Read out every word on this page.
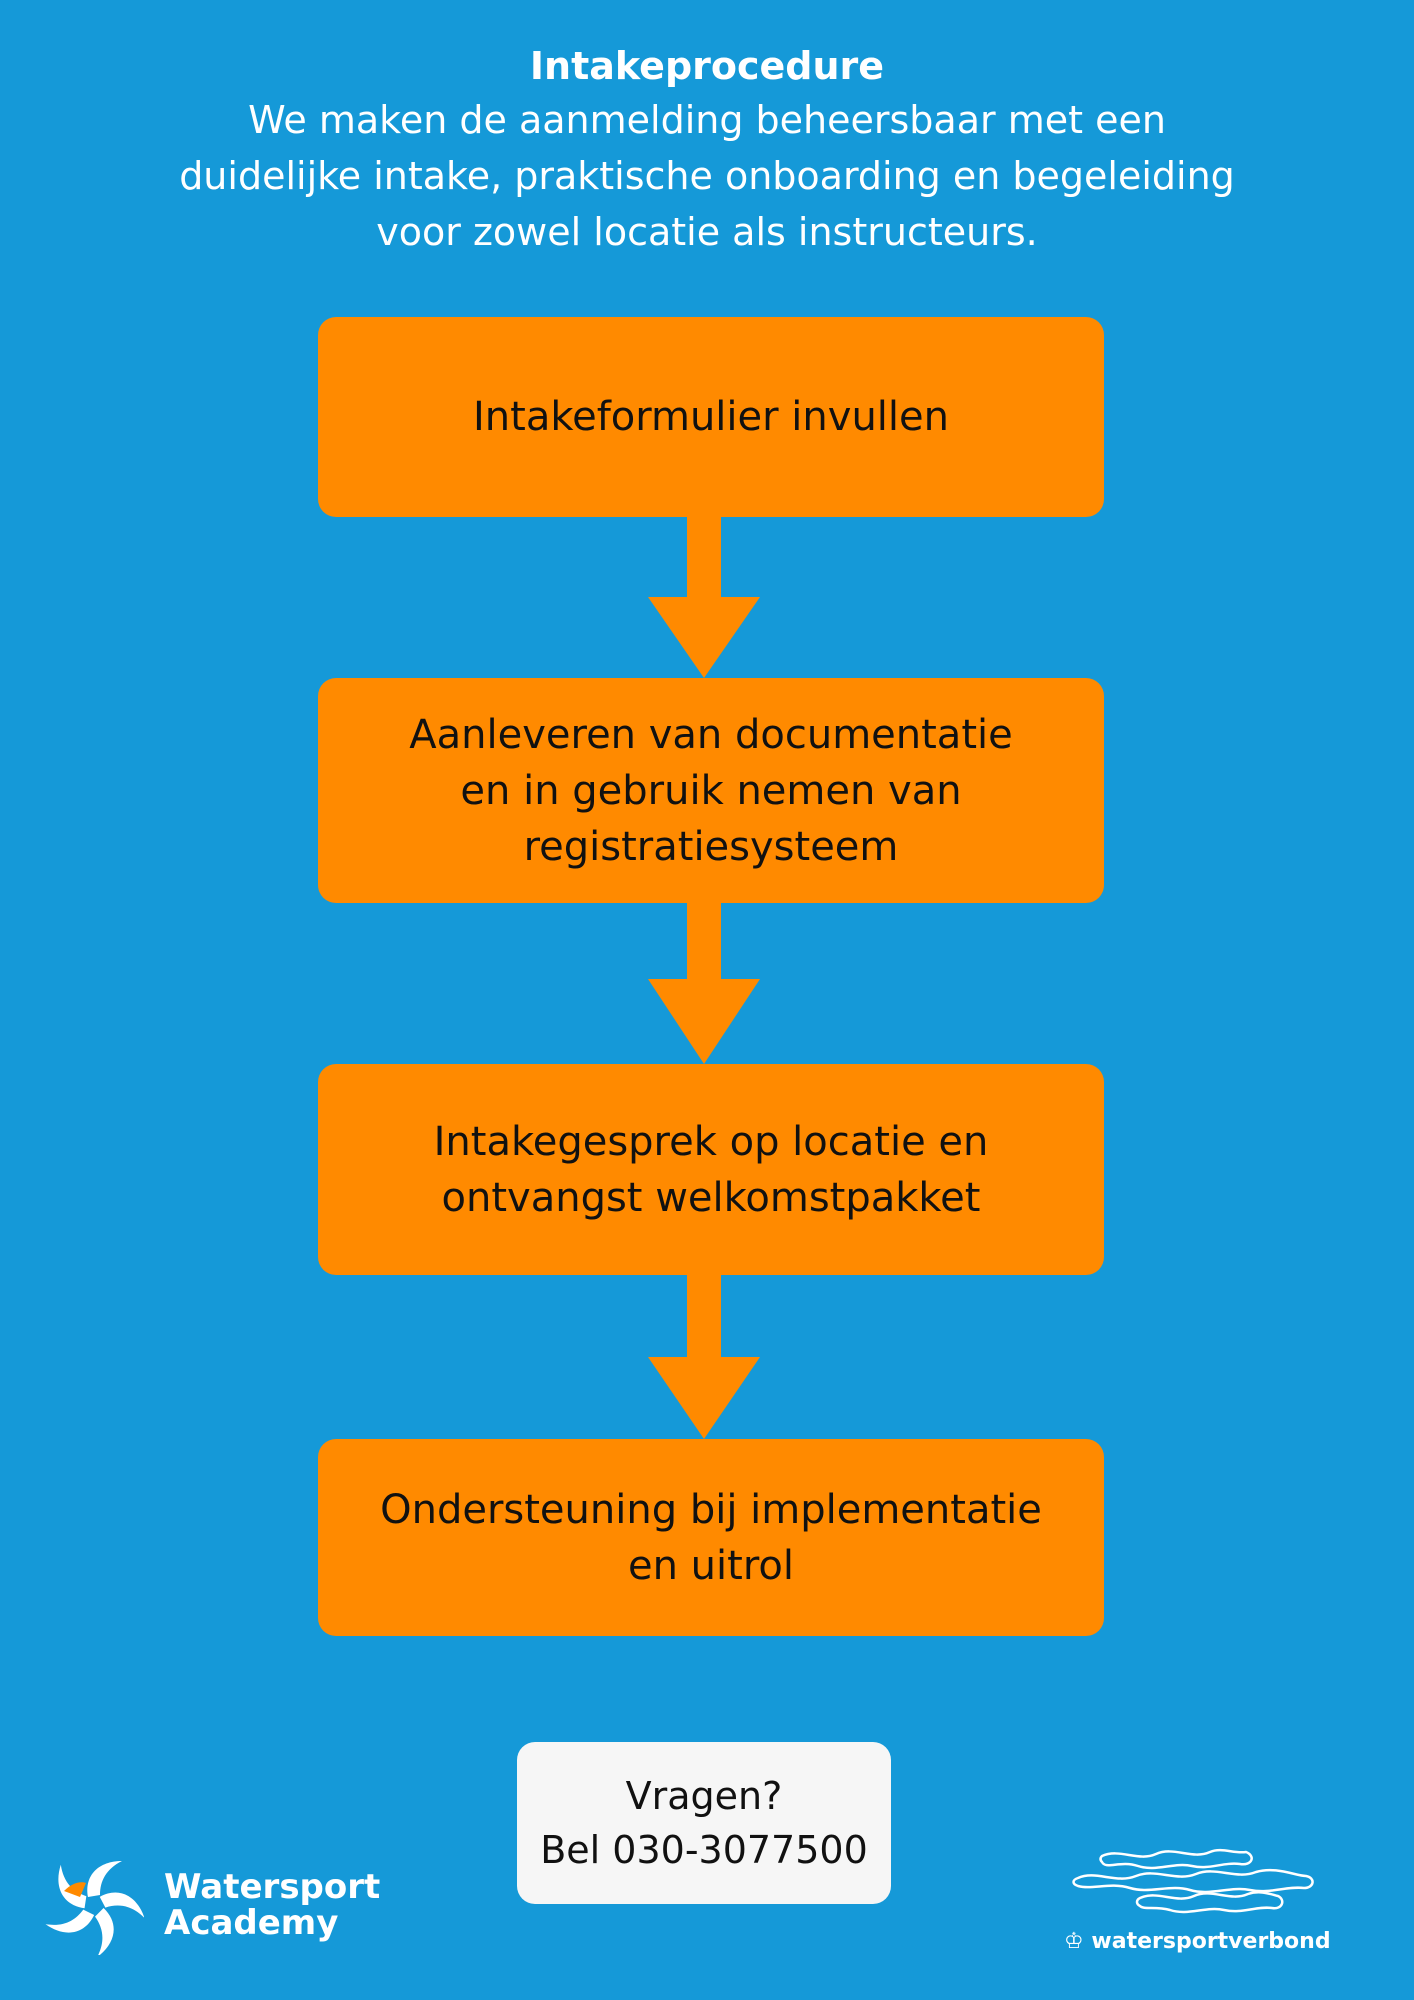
Intakeprocedure
We maken de aanmelding beheersbaar met een
duidelijke intake, praktische onboarding en begeleiding
voor zowel locatie als instructeurs.
Intakeformulier invullen
Aanleveren van documentatie
en in gebruik nemen van
registratiesysteem
Intakegesprek op locatie en
ontvangst welkomstpakket
Ondersteuning bij implementatie
en uitrol
Vragen?
Bel 030-3077500
Watersport
Academy	♔ watersportverbond
